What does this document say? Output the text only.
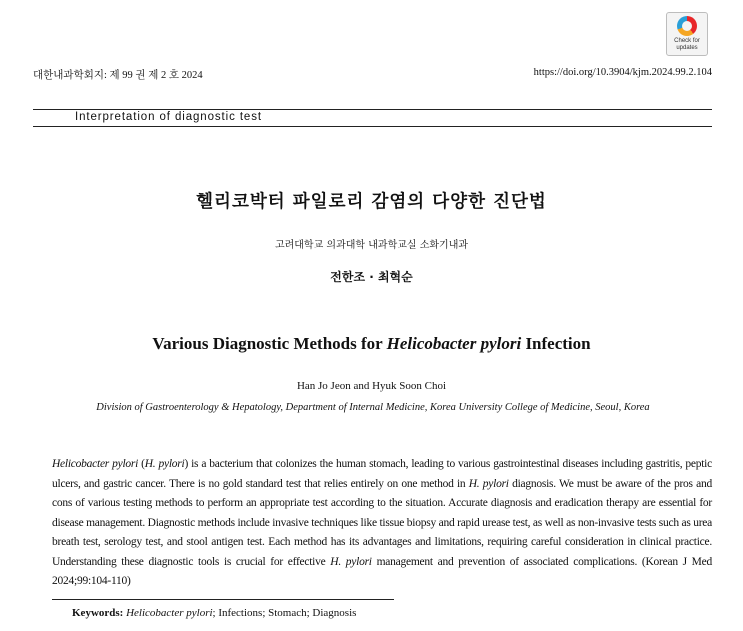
Check for
updates
대한내과학회지: 제 99 권 제 2 호 2024	https://doi.org/10.3904/kjm.2024.99.2.104
Interpretation of diagnostic test
헬리코박터 파일로리 감염의 다양한 진단법
고려대학교 의과대학 내과학교실 소화기내과
전한조 · 최혁순
Various Diagnostic Methods for Helicobacter pylori Infection
Han Jo Jeon and Hyuk Soon Choi
Division of Gastroenterology & Hepatology, Department of Internal Medicine, Korea University College of Medicine, Seoul, Korea

Helicobacter pylori (H. pylori) is a bacterium that colonizes the human stomach, leading to various gastrointestinal diseases including gastritis, peptic ulcers, and gastric cancer. There is no gold standard test that relies entirely on one method in H. pylori diagnosis. We must be aware of the pros and cons of various testing methods to perform an appropriate test according to the situation. Accurate diagnosis and eradication therapy are essential for disease management. Diagnostic methods include invasive techniques like tissue biopsy and rapid urease test, as well as non-invasive tests such as urea breath test, serology test, and stool antigen test. Each method has its advantages and limitations, requiring careful consideration in clinical practice. Understanding these diagnostic tools is crucial for effective H. pylori management and prevention of associated complications. (Korean J Med 2024;99:104-110)

Keywords: Helicobacter pylori; Infections; Stomach; Diagnosis
